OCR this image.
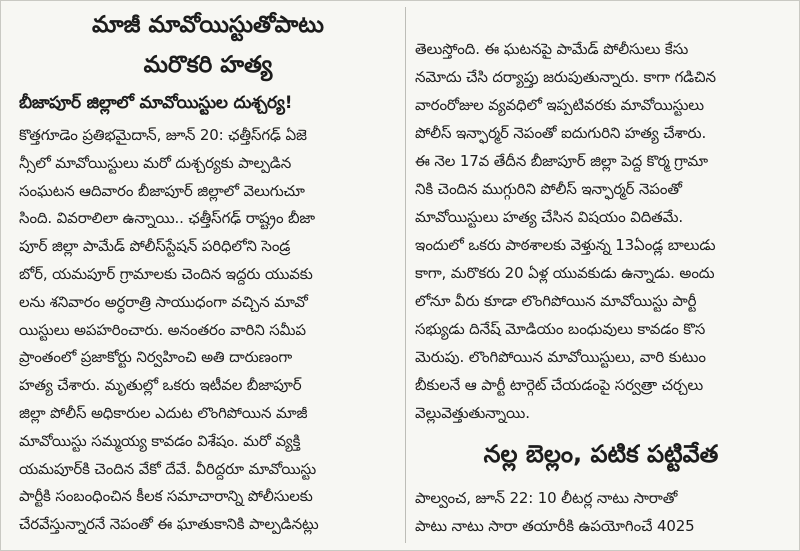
మాజీ మావోయిస్టుతోపాటు
మరొకరి హత్య
బీజాపూర్ జిల్లాలో మావోయిస్టుల దుశ్చర్య!
కొత్తగూడెం ప్రతిభమైదాన్, జూన్ 20: ఛత్తీస్‌గఢ్ ఏజె
న్సీలో మావోయిస్టులు మరో దుశ్చర్యకు పాల్పడిన
సంఘటన ఆదివారం బీజాపూర్ జిల్లాలో వెలుగుచూ
సింది. వివరాలిలా ఉన్నాయి.. ఛత్తీస్‌గఢ్ రాష్ట్రం బీజా
పూర్ జిల్లా పామేడ్ పోలీస్‌స్టేషన్ పరిధిలోని సెండ్ర
బోర్, యమపూర్ గ్రామాలకు చెందిన ఇద్దరు యువకు
లను శనివారం అర్ధరాత్రి సాయుధంగా వచ్చిన మావో
యిస్టులు అపహరించారు. అనంతరం వారిని సమీప
ప్రాంతంలో ప్రజాకోర్టు నిర్వహించి అతి దారుణంగా
హత్య చేశారు. మృతుల్లో ఒకరు ఇటీవల బీజాపూర్
జిల్లా పోలీస్ అధికారుల ఎదుట లొంగిపోయిన మాజీ
మావోయిస్టు సమ్మయ్య కావడం విశేషం. మరో వ్యక్తి
యమపూర్‌కి చెందిన వేకో దేవే. వీరిద్దరూ మావోయిస్టు
పార్టీకి సంబంధించిన కీలక సమాచారాన్ని పోలీసులకు
చేరవేస్తున్నారనే నెపంతో ఈ ఘాతుకానికి పాల్పడినట్లు
తెలుస్తోంది. ఈ ఘటనపై పామేడ్ పోలీసులు కేసు
నమోదు చేసి దర్యాప్తు జరుపుతున్నారు. కాగా గడిచిన
వారంరోజుల వ్యవధిలో ఇప్పటివరకు మావోయిస్టులు
పోలీస్ ఇన్ఫార్మర్ నెపంతో ఐదుగురిని హత్య చేశారు.
ఈ నెల 17వ తేదీన బీజాపూర్ జిల్లా పెద్ద కొర్మ గ్రామా
నికి చెందిన ముగ్గురిని పోలీస్ ఇన్ఫార్మర్ నెపంతో
మావోయిస్టులు హత్య చేసిన విషయం విదితమే.
ఇందులో ఒకరు పాఠశాలకు వెళ్తున్న 13ఏండ్ల బాలుడు
కాగా, మరొకరు 20 ఏళ్ల యువకుడు ఉన్నాడు. అందు
లోనూ వీరు కూడా లొంగిపోయిన మావోయిస్టు పార్టీ
సభ్యుడు దినేష్ మోడియం బంధువులు కావడం కొస
మెరుపు. లొంగిపోయిన మావోయిస్టులు, వారి కుటుం
బీకులనే ఆ పార్టీ టార్గెట్ చేయడంపై సర్వత్రా చర్చలు
వెల్లువెత్తుతున్నాయి.
నల్ల బెల్లం, పటిక పట్టివేత
పాల్వంచ, జూన్ 22: 10 లీటర్ల నాటు సారాతో
పాటు నాటు సారా తయారీకి ఉపయోగించే 4025
